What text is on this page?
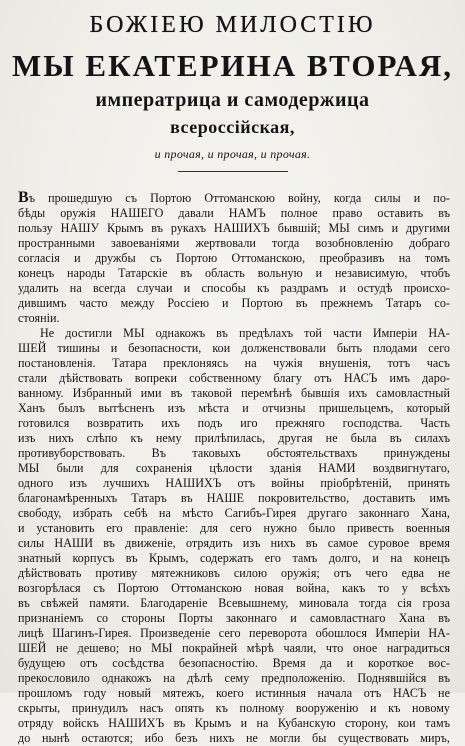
БОЖІЕЮ МИЛОСТІЮ
МЫ ЕКАТЕРИНА ВТОРАЯ,
императрица и самодержица
всероссійская,
и прочая, и прочая, и прочая.
Въ прошедшую съ Портою Оттоманскою войну, когда силы и по-
бѣды оружія НАШЕГО давали НАМЪ полное право оставить въ
пользу НАШУ Крымъ въ рукахъ НАШИХЪ бывшій; МЫ симъ и другими
пространными завоеваніями жертвовали тогда возобновленію добраго
согласія и дружбы съ Портою Оттоманскою, преобразивъ на томъ
конецъ народы Татарскіе въ область вольную и независимую, чтобъ
удалить на всегда случаи и способы къ раздрамъ и остудѣ происхо-
дившимъ часто между Россіею и Портою въ прежнемъ Татаръ со-
стояніи.
Не достигли МЫ однакожъ въ предѣлахъ той части Имперіи НА-
ШЕЙ тишины и безопасности, кои долженствовали быть плодами сего
постановленія. Татара преклоняясь на чужія внушенія, тотъ часъ
стали дѣйствовать вопреки собственному благу отъ НАСЪ имъ даро-
ванному. Избранный ими въ таковой перемѣнѣ бывшія ихъ самовластный
Ханъ былъ вытѣсненъ изъ мѣста и отчизны пришельцемъ, который
готовился возвратить ихъ подъ иго прежняго господства. Часть
изъ нихъ слѣпо къ нему прилѣпилась, другая не была въ силахъ
противуборствовать. Въ таковыхъ обстоятельствахъ принуждены
МЫ были для сохраненія цѣлости зданія НАМИ воздвигнутаго,
одного изъ лучшихъ НАШИХЪ отъ войны пріобрѣтеній, принять
благонамѣренныхъ Татаръ въ НАШЕ покровительство, доставить имъ
свободу, избрать себѣ на мѣсто Сагибъ-Гирея другаго законнаго Хана,
и установить его правленіе: для сего нужно было привесть военныя
силы НАШИ въ движеніе, отрядить изъ нихъ въ самое суровое время
знатный корпусъ въ Крымъ, содержать его тамъ долго, и на конецъ
дѣйствовать противу мятежниковъ силою оружія; отъ чего едва не
возгорѣлася съ Портою Оттоманскою новая война, какъ то у всѣхъ
въ свѣжей памяти. Благодареніе Всевышнему, миновала тогда сія гроза
признаніемъ со стороны Порты законнаго и самовластнаго Хана въ
лицѣ Шагинъ-Гирея. Произведеніе сего переворота обошлося Имперіи НА-
ШЕЙ не дешево; но МЫ покрайней мѣрѣ чаяли, что оное наградиться
будущею отъ сосѣдства безопасностію. Время да и короткое вос-
прекословило однакожъ на дѣлѣ сему предположенію. Поднявшійся въ
прошломъ году новый мятежъ, коего истинныя начала отъ НАСЪ не
скрыты, принудилъ насъ опять къ полному вооруженію и къ новому
отряду войскъ НАШИХЪ въ Крымъ и на Кубанскую сторону, кои тамъ
до нынѣ остаются; ибо безъ нихъ не могли бы существовать миръ,
